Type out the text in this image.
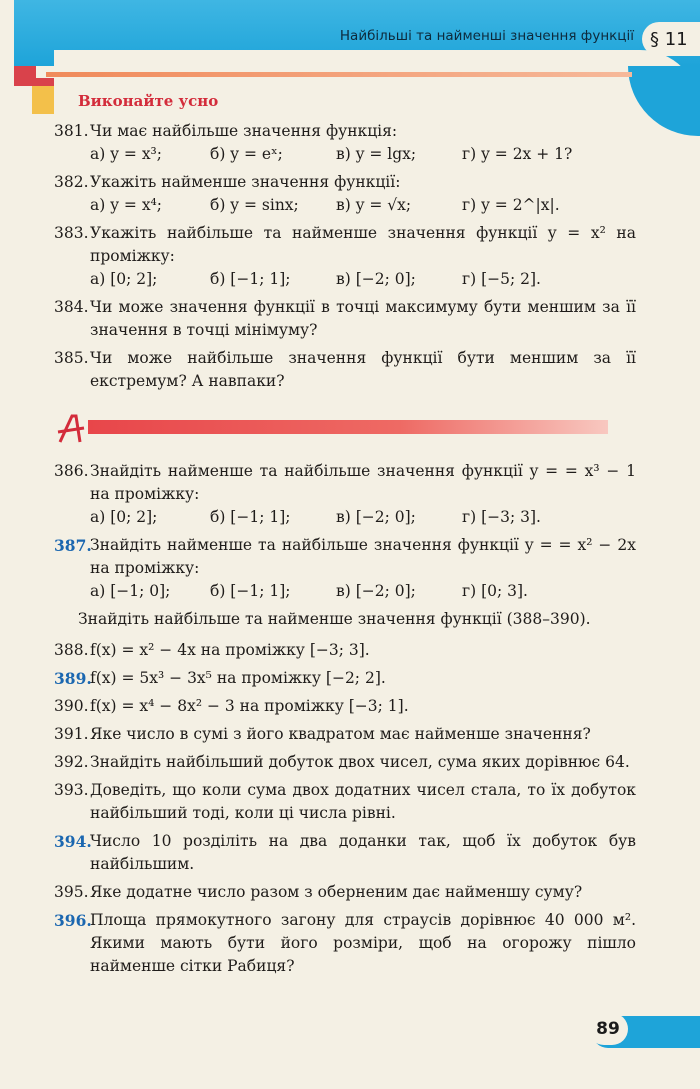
Найбільші та найменші значення функції § 11
Виконайте усно
381. Чи має найбільше значення функція:
а) y = x³;	б) y = eˣ;	в) y = lgx;	г) y = 2x + 1?
382. Укажіть найменше значення функції:
а) y = x⁴;	б) y = sinx;	в) y = √x;	г) y = 2^|x|.
383. Укажіть найбільше та найменше значення функції y = x² на проміжку:
а) [0; 2];	б) [−1; 1];	в) [−2; 0];	г) [−5; 2].
384. Чи може значення функції в точці максимуму бути меншим за її значення в точці мінімуму?
385. Чи може найбільше значення функції бути меншим за її екстремум? А навпаки?
386. Знайдіть найменше та найбільше значення функції y = = x³ − 1 на проміжку:
а) [0; 2];	б) [−1; 1];	в) [−2; 0];	г) [−3; 3].
387.
Знайдіть найменше та найбільше значення функції y = = x² − 2x на проміжку:
а) [−1; 0];	б) [−1; 1];	в) [−2; 0];	г) [0; 3].
Знайдіть найбільше та найменше значення функції (388–390).
388. f(x) = x² − 4x на проміжку [−3; 3].
389.
f(x) = 5x³ − 3x⁵ на проміжку [−2; 2].
390. f(x) = x⁴ − 8x² − 3 на проміжку [−3; 1].
391. Яке число в сумі з його квадратом має найменше значення?
392. Знайдіть найбільший добуток двох чисел, сума яких дорівнює 64.
393. Доведіть, що коли сума двох додатних чисел стала, то їх добуток найбільший тоді, коли ці числа рівні.
394.
Число 10 розділіть на два доданки так, щоб їх добуток був найбільшим.
395. Яке додатне число разом з оберненим дає найменшу суму?
396.
Площа прямокутного загону для страусів дорівнює 40 000 м². Якими мають бути його розміри, щоб на огорожу пішло найменше сітки Рабиця?
89
